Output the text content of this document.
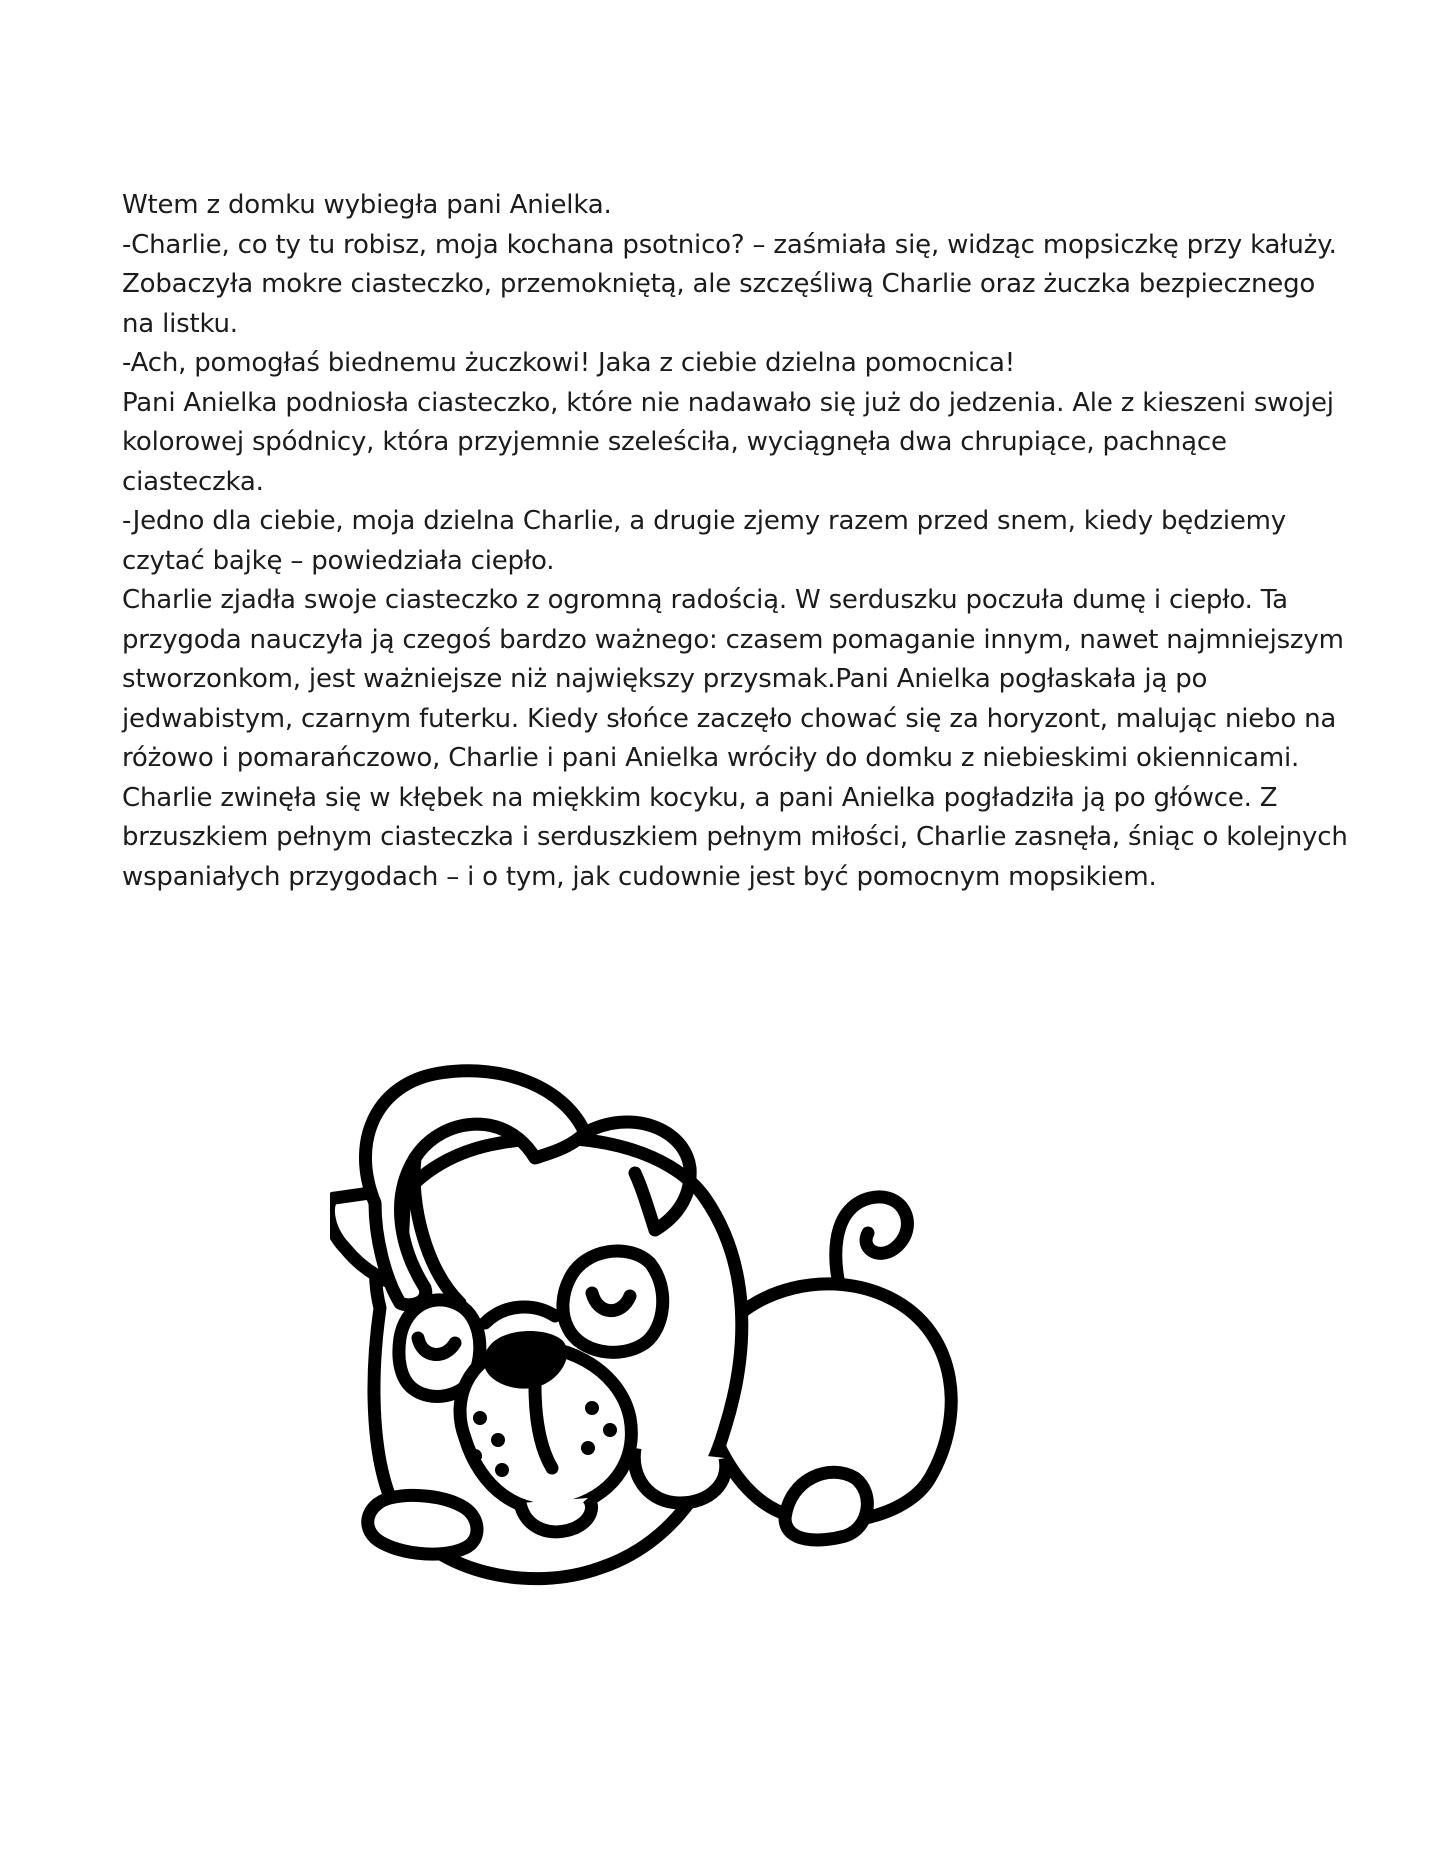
Wtem z domku wybiegła pani Anielka.

-Charlie, co ty tu robisz, moja kochana psotnico? – zaśmiała się, widząc mopsiczkę przy kałuży. Zobaczyła mokre ciasteczko, przemokniętą, ale szczęśliwą Charlie oraz żuczka bezpiecznego na listku.

-Ach, pomogłaś biednemu żuczkowi! Jaka z ciebie dzielna pomocnica!

Pani Anielka podniosła ciasteczko, które nie nadawało się już do jedzenia. Ale z kieszeni swojej kolorowej spódnicy, która przyjemnie szeleściła, wyciągnęła dwa chrupiące, pachnące ciasteczka.

-Jedno dla ciebie, moja dzielna Charlie, a drugie zjemy razem przed snem, kiedy będziemy czytać bajkę – powiedziała ciepło.

Charlie zjadła swoje ciasteczko z ogromną radością. W serduszku poczuła dumę i ciepło. Ta przygoda nauczyła ją czegoś bardzo ważnego: czasem pomaganie innym, nawet najmniejszym stworzonkom, jest ważniejsze niż największy przysmak.Pani Anielka pogłaskała ją po jedwabistym, czarnym futerku. Kiedy słońce zaczęło chować się za horyzont, malując niebo na różowo i pomarańczowo, Charlie i pani Anielka wróciły do domku z niebieskimi okiennicami. Charlie zwinęła się w kłębek na miękkim kocyku, a pani Anielka pogładziła ją po główce. Z brzuszkiem pełnym ciasteczka i serduszkiem pełnym miłości, Charlie zasnęła, śniąc o kolejnych wspaniałych przygodach – i o tym, jak cudownie jest być pomocnym mopsikiem.
